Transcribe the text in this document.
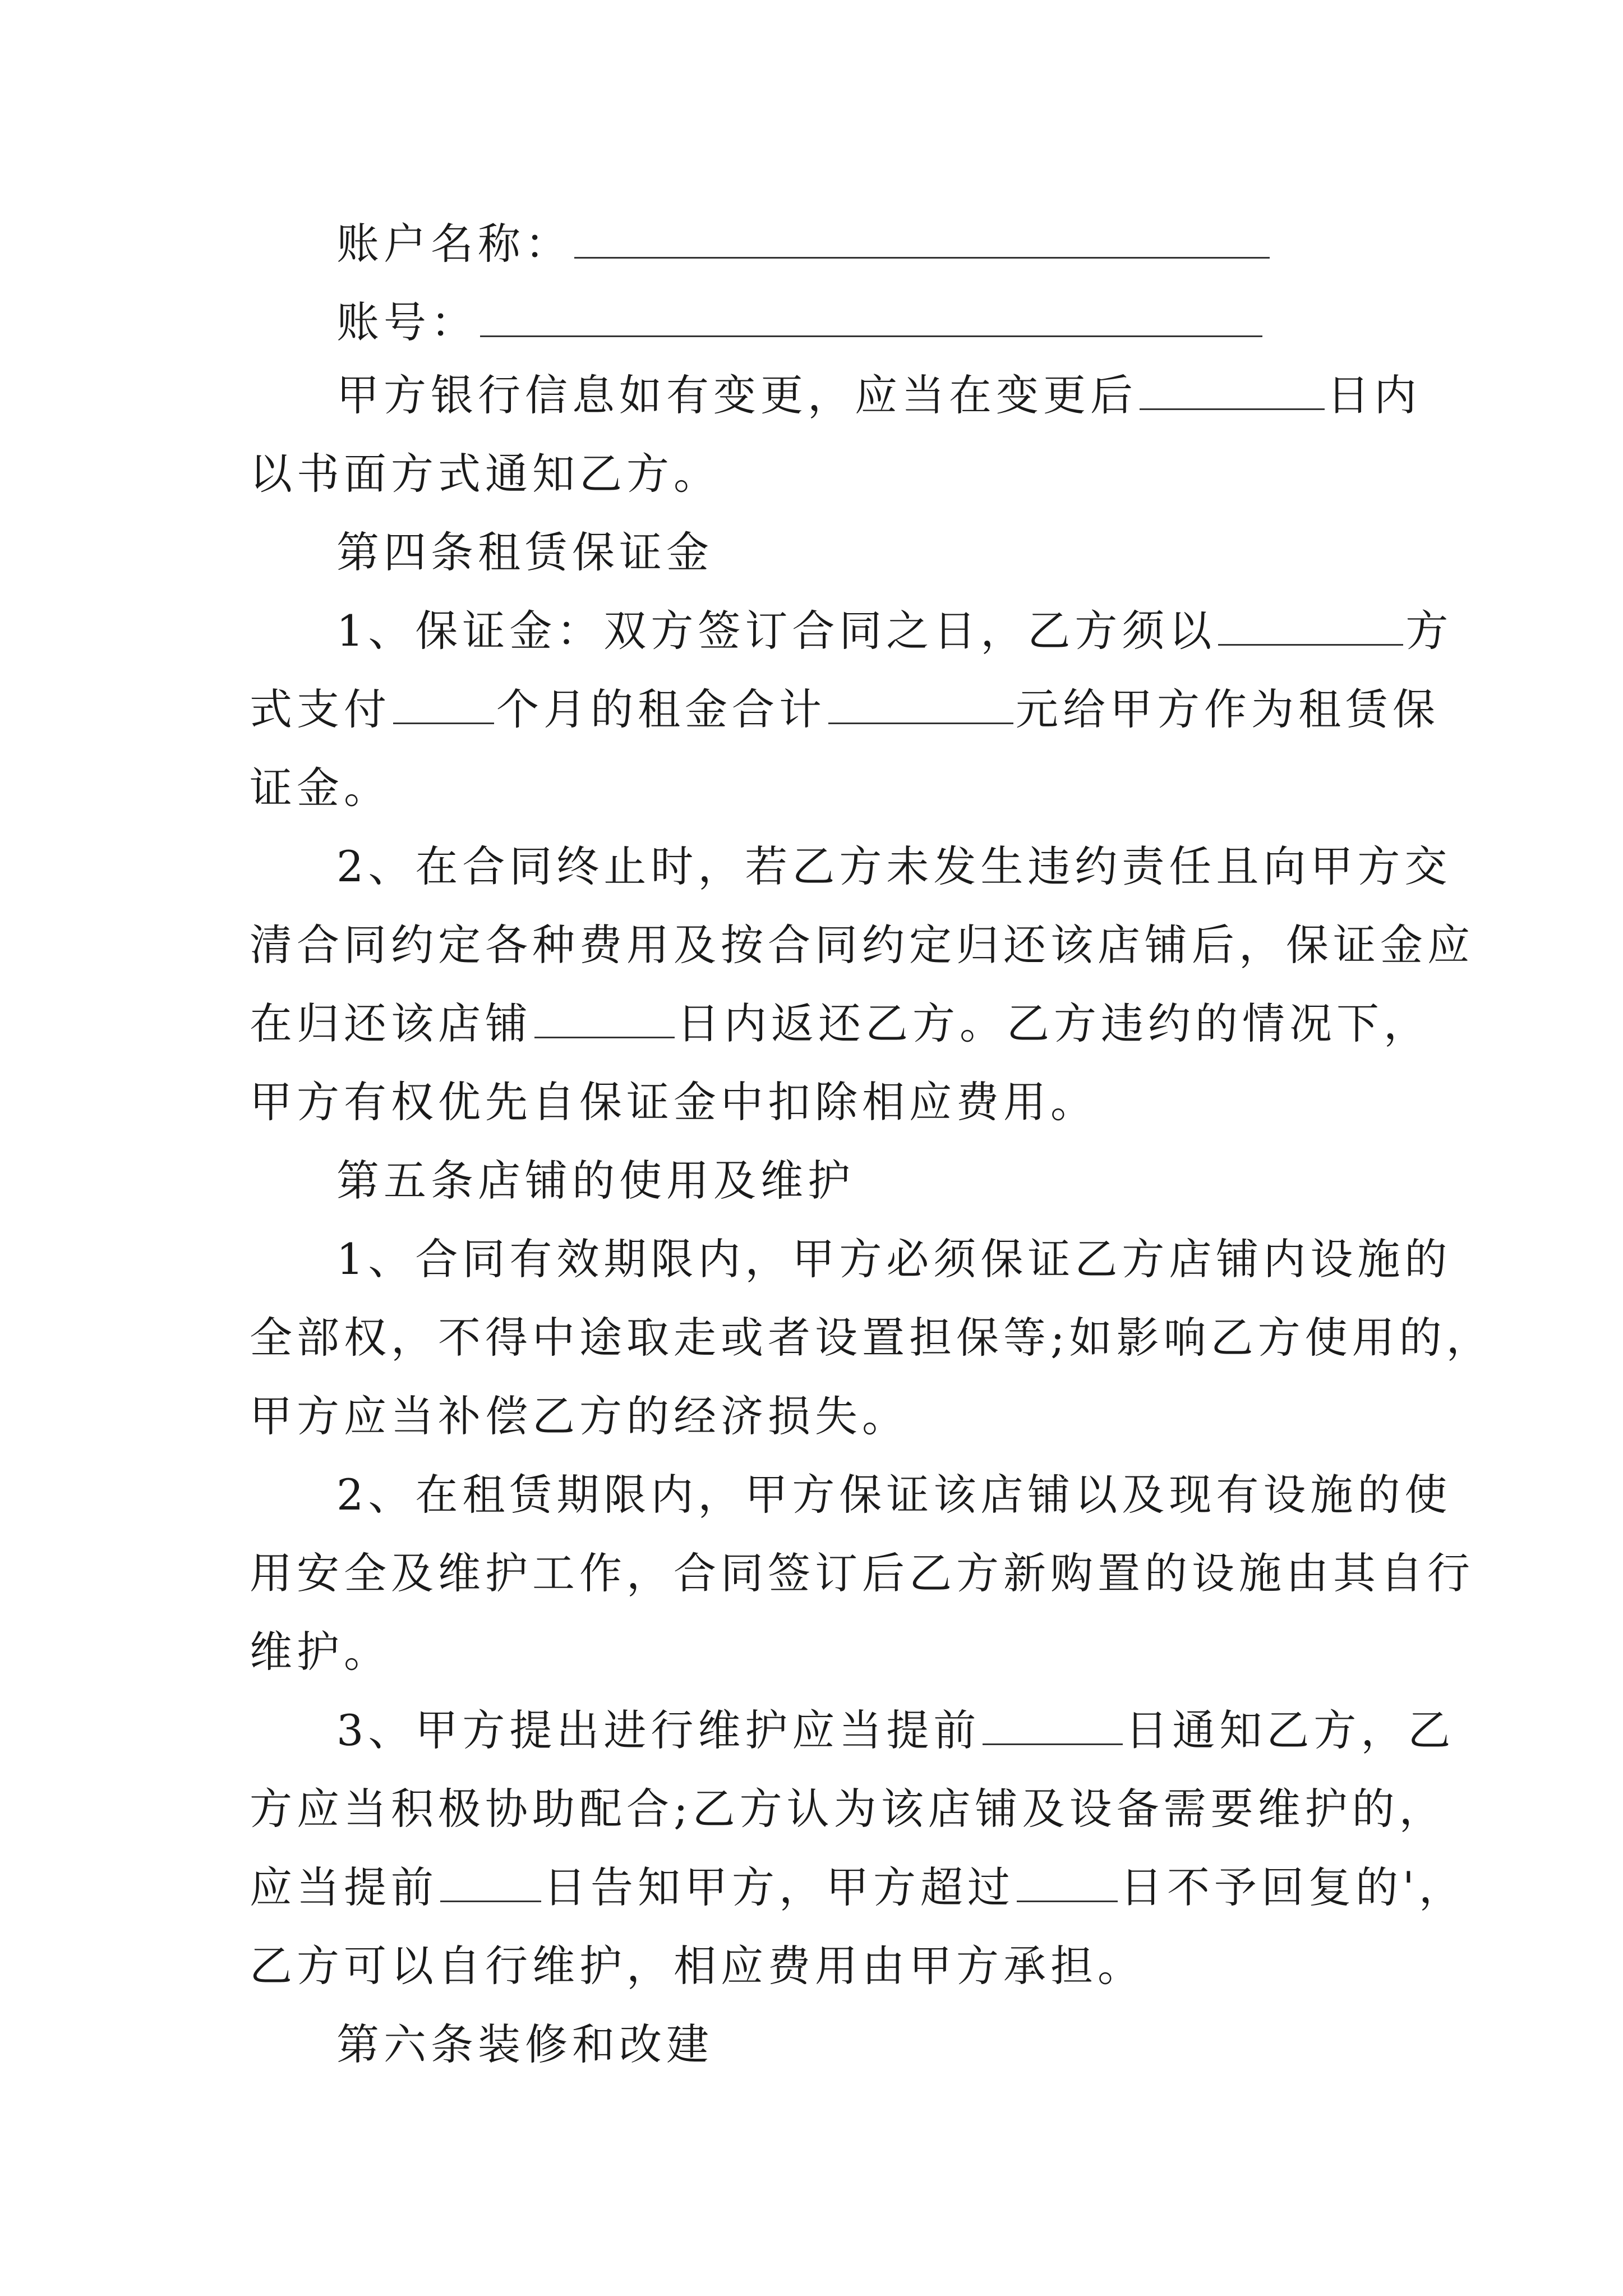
账户名称：
账号：
甲方银行信息如有变更，应当在变更后	日内
以书面方式通知乙方。
第四条租赁保证金
1、保证金：双方签订合同之日，乙方须以	方
式支付 个月的租金合计	元给甲方作为租赁保
证金。
2、在合同终止时，若乙方未发生违约责任且向甲方交
清合同约定各种费用及按合同约定归还该店铺后，保证金应
在归还该店铺	日内返还乙方。乙方违约的情况下，
甲方有权优先自保证金中扣除相应费用。
第五条店铺的使用及维护
1、合同有效期限内，甲方必须保证乙方店铺内设施的
全部权，不得中途取走或者设置担保等;如影响乙方使用的，
甲方应当补偿乙方的经济损失。
2、在租赁期限内，甲方保证该店铺以及现有设施的使
用安全及维护工作，合同签订后乙方新购置的设施由其自行
维护。
3、甲方提出进行维护应当提前	日通知乙方，乙
方应当积极协助配合;乙方认为该店铺及设备需要维护的，
应当提前 日告知甲方，甲方超过 日不予回复的'，
乙方可以自行维护，相应费用由甲方承担。
第六条装修和改建
